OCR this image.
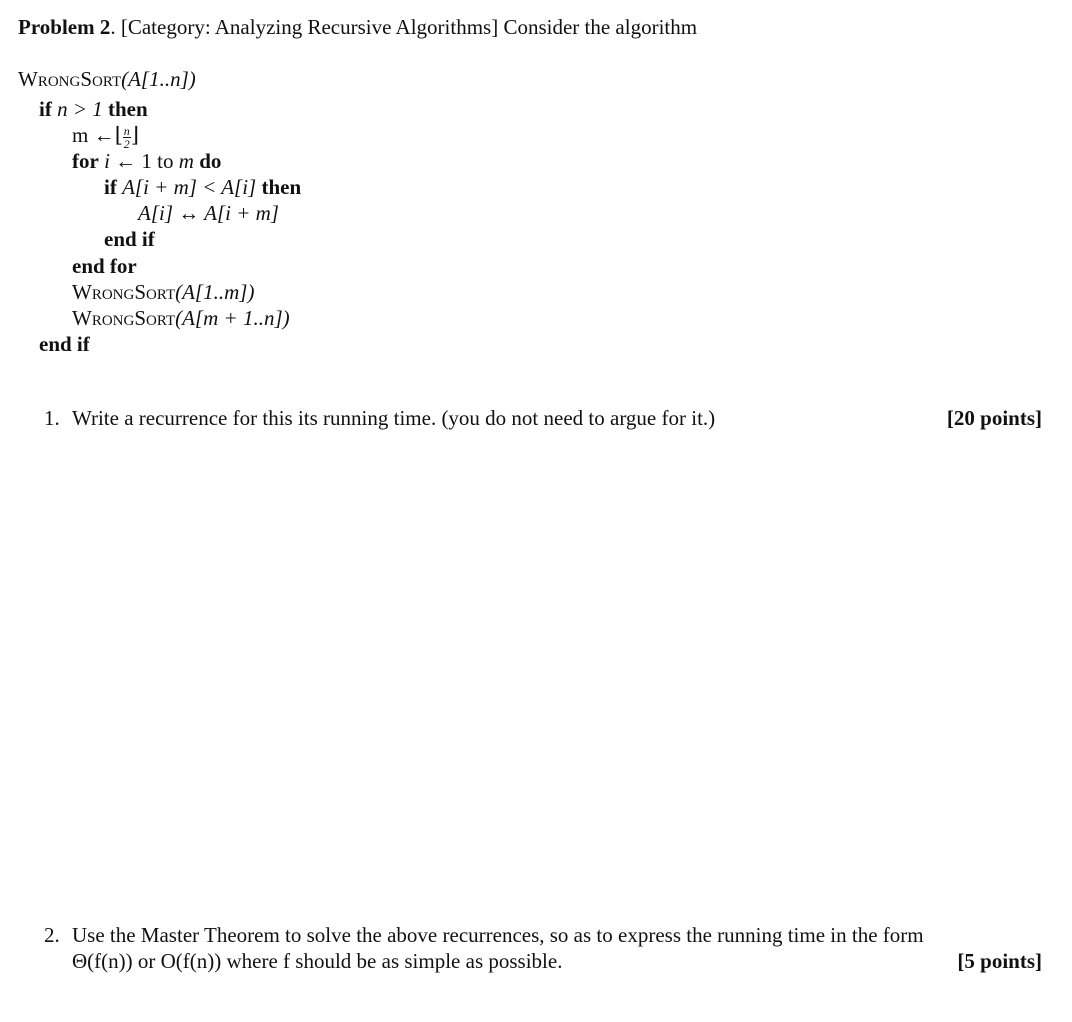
Problem 2. [Category: Analyzing Recursive Algorithms] Consider the algorithm
WrongSort(A[1..n])
if n > 1 then
m ←⌊ $\frac{n}{2}$ ⌋
for i ← 1 to m do
if A[i + m] < A[i] then
A[i] ↔ A[i + m]
end if
end for
WrongSort(A[1..m])
WrongSort(A[m + 1..n])
end if
1. Write a recurrence for this its running time. (you do not need to argue for it.)	[20 points]
2. Use the Master Theorem to solve the above recurrences, so as to express the running time in the form
Θ(f(n)) or O(f(n)) where f should be as simple as possible.	[5 points]
